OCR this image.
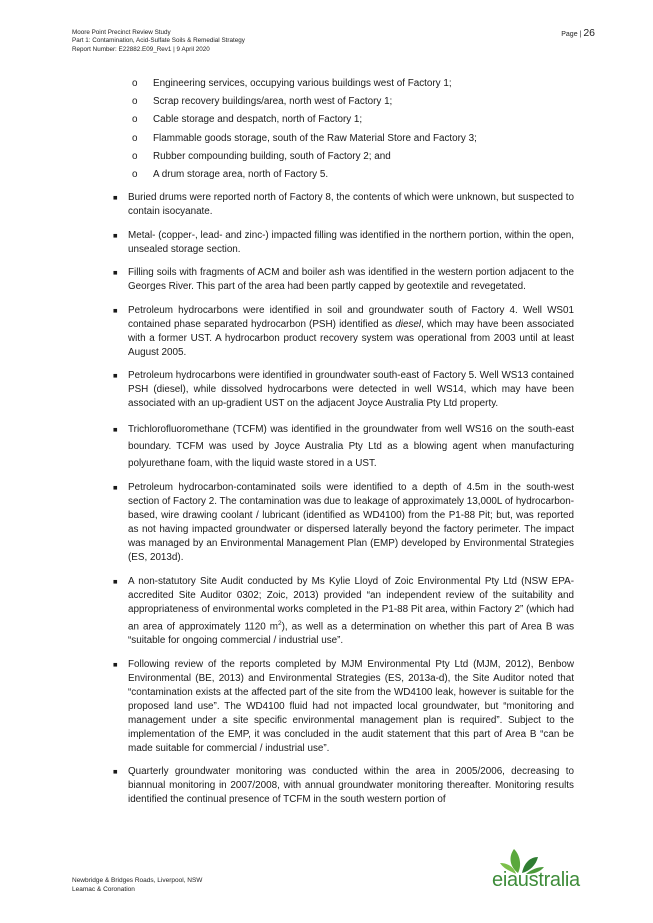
Moore Point Precinct Review Study
Part 1: Contamination, Acid-Sulfate Soils & Remedial Strategy
Report Number: E22882.E09_Rev1 | 9 April 2020
Page | 26
o Engineering services, occupying various buildings west of Factory 1;
o Scrap recovery buildings/area, north west of Factory 1;
o Cable storage and despatch, north of Factory 1;
o Flammable goods storage, south of the Raw Material Store and Factory 3;
o Rubber compounding building, south of Factory 2; and
o A drum storage area, north of Factory 5.
■ Buried drums were reported north of Factory 8, the contents of which were unknown, but suspected to contain isocyanate.
■ Metal- (copper-, lead- and zinc-) impacted filling was identified in the northern portion, within the open, unsealed storage section.
■ Filling soils with fragments of ACM and boiler ash was identified in the western portion adjacent to the Georges River. This part of the area had been partly capped by geotextile and revegetated.
■ Petroleum hydrocarbons were identified in soil and groundwater south of Factory 4. Well WS01 contained phase separated hydrocarbon (PSH) identified as diesel, which may have been associated with a former UST. A hydrocarbon product recovery system was operational from 2003 until at least August 2005.
■ Petroleum hydrocarbons were identified in groundwater south-east of Factory 5. Well WS13 contained PSH (diesel), while dissolved hydrocarbons were detected in well WS14, which may have been associated with an up-gradient UST on the adjacent Joyce Australia Pty Ltd property.
■ Trichlorofluoromethane (TCFM) was identified in the groundwater from well WS16 on the south-east boundary. TCFM was used by Joyce Australia Pty Ltd as a blowing agent when manufacturing polyurethane foam, with the liquid waste stored in a UST.
■ Petroleum hydrocarbon-contaminated soils were identified to a depth of 4.5m in the south-west section of Factory 2. The contamination was due to leakage of approximately 13,000L of hydrocarbon-based, wire drawing coolant / lubricant (identified as WD4100) from the P1-88 Pit; but, was reported as not having impacted groundwater or dispersed laterally beyond the factory perimeter. The impact was managed by an Environmental Management Plan (EMP) developed by Environmental Strategies (ES, 2013d).
■ A non-statutory Site Audit conducted by Ms Kylie Lloyd of Zoic Environmental Pty Ltd (NSW EPA-accredited Site Auditor 0302; Zoic, 2013) provided “an independent review of the suitability and appropriateness of environmental works completed in the P1-88 Pit area, within Factory 2” (which had an area of approximately 1120 $m^2$), as well as a determination on whether this part of Area B was “suitable for ongoing commercial / industrial use”.
■ Following review of the reports completed by MJM Environmental Pty Ltd (MJM, 2012), Benbow Environmental (BE, 2013) and Environmental Strategies (ES, 2013a-d), the Site Auditor noted that “contamination exists at the affected part of the site from the WD4100 leak, however is suitable for the proposed land use”. The WD4100 fluid had not impacted local groundwater, but “monitoring and management under a site specific environmental management plan is required”. Subject to the implementation of the EMP, it was concluded in the audit statement that this part of Area B “can be made suitable for commercial / industrial use”.
■ Quarterly groundwater monitoring was conducted within the area in 2005/2006, decreasing to biannual monitoring in 2007/2008, with annual groundwater monitoring thereafter. Monitoring results identified the continual presence of TCFM in the south western portion of
Newbridge & Bridges Roads, Liverpool, NSW
Leamac & Coronation	eiaustralia
